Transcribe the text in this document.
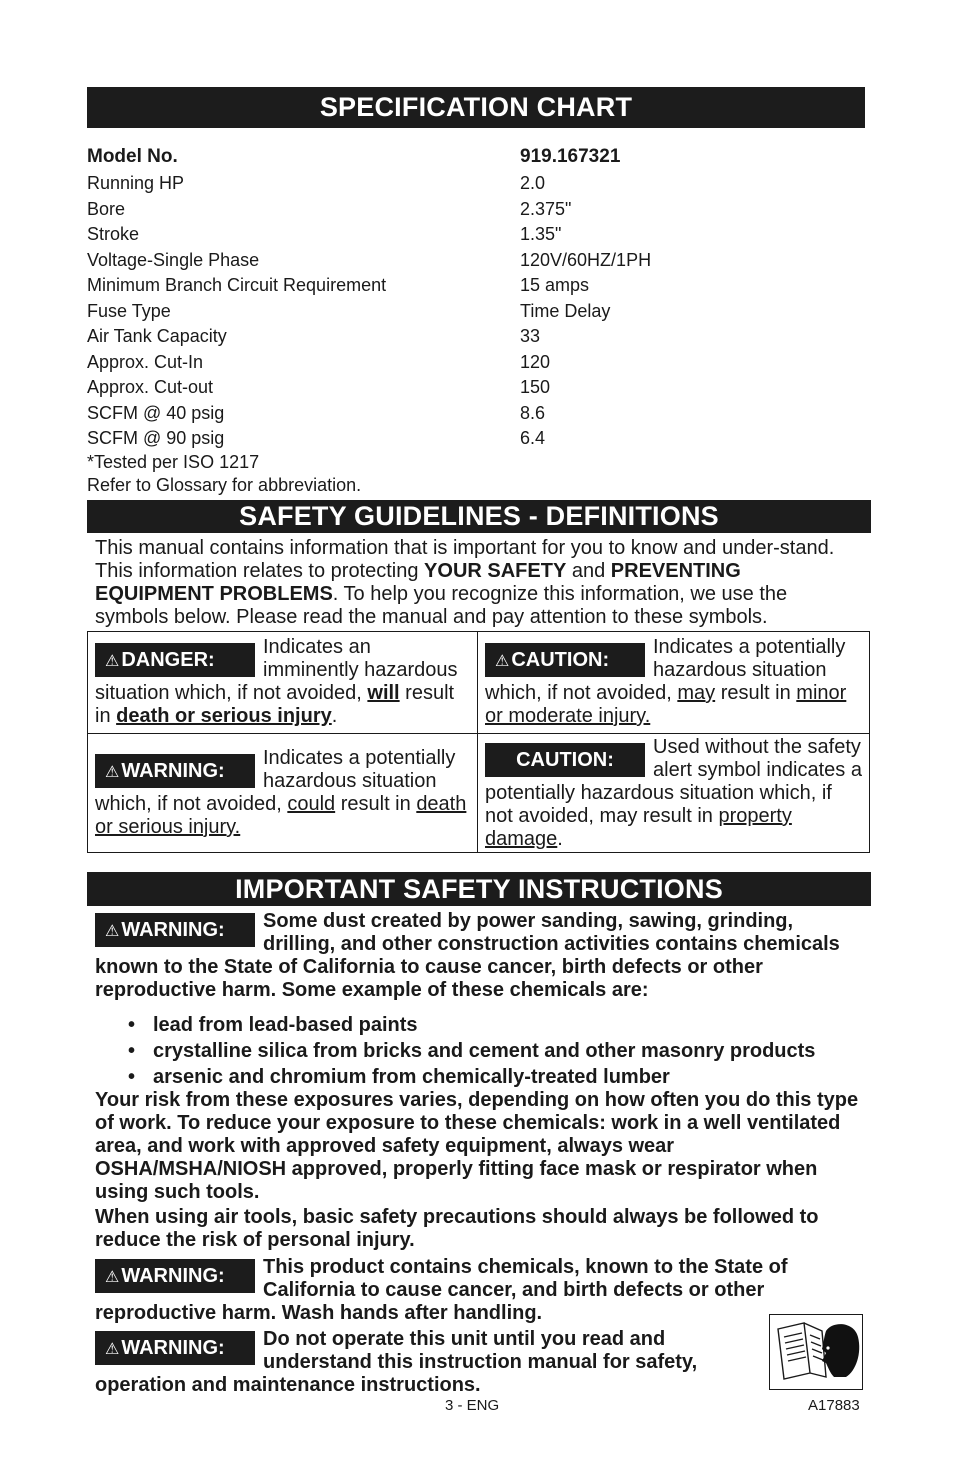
SPECIFICATION CHART
Model No.	919.167321
Running HP	2.0
Bore	2.375"
Stroke	1.35"
Voltage-Single Phase	120V/60HZ/1PH
Minimum Branch Circuit Requirement	15 amps
Fuse Type	Time Delay
Air Tank Capacity	33
Approx. Cut-In	120
Approx. Cut-out	150
SCFM @ 40 psig	8.6
SCFM @ 90 psig	6.4
*Tested per ISO 1217
Refer to Glossary for abbreviation.
SAFETY GUIDELINES - DEFINITIONS
This manual contains information that is important for you to know and under-stand. This information relates to protecting YOUR SAFETY and PREVENTING EQUIPMENT PROBLEMS. To help you recognize this information, we use the symbols below. Please read the manual and pay attention to these symbols.
⚠ DANGER:
Indicates an imminently hazardous situation which, if not avoided, will result in death or serious injury.
⚠ CAUTION:
Indicates a potentially hazardous situation which, if not avoided, may result in minor or moderate injury.
⚠ WARNING:
Indicates a potentially hazardous situation which, if not avoided, could result in death or serious injury.
CAUTION:
Used without the safety alert symbol indicates a potentially hazardous situation which, if not avoided, may result in property damage.
IMPORTANT SAFETY INSTRUCTIONS
⚠ WARNING:	Some dust created by power sanding, sawing, grinding, drilling, and other construction activities contains chemicals known to the State of California to cause cancer, birth defects or other reproductive harm. Some example of these chemicals are:
• lead from lead-based paints
• crystalline silica from bricks and cement and other masonry products
• arsenic and chromium from chemically-treated lumber
Your risk from these exposures varies, depending on how often you do this type of work. To reduce your exposure to these chemicals: work in a well ventilated area, and work with approved safety equipment, always wear OSHA/MSHA/NIOSH approved, properly fitting face mask or respirator when using such tools.
When using air tools, basic safety precautions should always be followed to reduce the risk of personal injury.
⚠ WARNING:	This product contains chemicals, known to the State of California to cause cancer, and birth defects or other reproductive harm. Wash hands after handling.
⚠ WARNING:	Do not operate this unit until you read and understand this instruction manual for safety, operation and maintenance instructions.
3 - ENG	A17883
